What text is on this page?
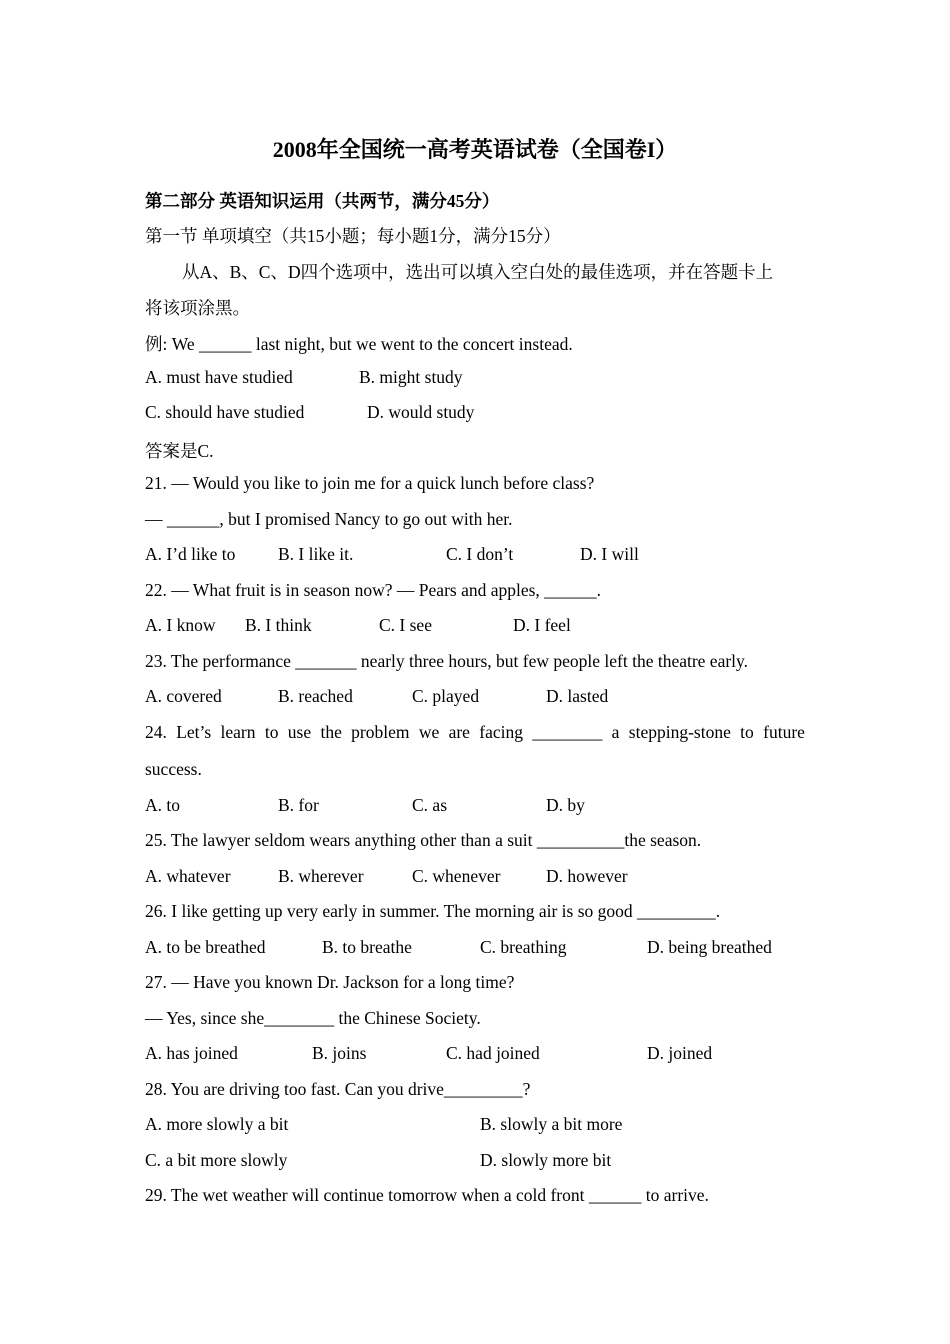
2008年全国统一高考英语试卷（全国卷I）
第二部分 英语知识运用（共两节，满分45分）
第一节 单项填空（共15小题；每小题1分，满分15分）
从A、B、C、D四个选项中，选出可以填入空白处的最佳选项，并在答题卡上
将该项涂黑。
例: We ______ last night, but we went to the concert instead.
A. must have studied	B. might study
C. should have studied	D. would study
答案是C.
21. — Would you like to join me for a quick lunch before class?
— ______, but I promised Nancy to go out with her.
A. I’d like to B. I like it.	C. I don’t	D. I will
22. — What fruit is in season now? — Pears and apples, ______.
A. I know B. I think	C. I see	D. I feel
23. The performance _______ nearly three hours, but few people left the theatre early.
A. covered	B. reached	C. played	D. lasted
24. Let’s learn to use the problem we are facing ________ a stepping-stone to future
success.
A. to	B. for	C. as	D. by
25. The lawyer seldom wears anything other than a suit __________the season.
A. whatever	B. wherever	C. whenever	D. however
26. I like getting up very early in summer. The morning air is so good _________.
A. to be breathed	B. to breathe	C. breathing	D. being breathed
27. — Have you known Dr. Jackson for a long time?
— Yes, since she________ the Chinese Society.
A. has joined	B. joins	C. had joined	D. joined
28. You are driving too fast. Can you drive_________?
A. more slowly a bit	B. slowly a bit more
C. a bit more slowly	D. slowly more bit
29. The wet weather will continue tomorrow when a cold front ______ to arrive.
